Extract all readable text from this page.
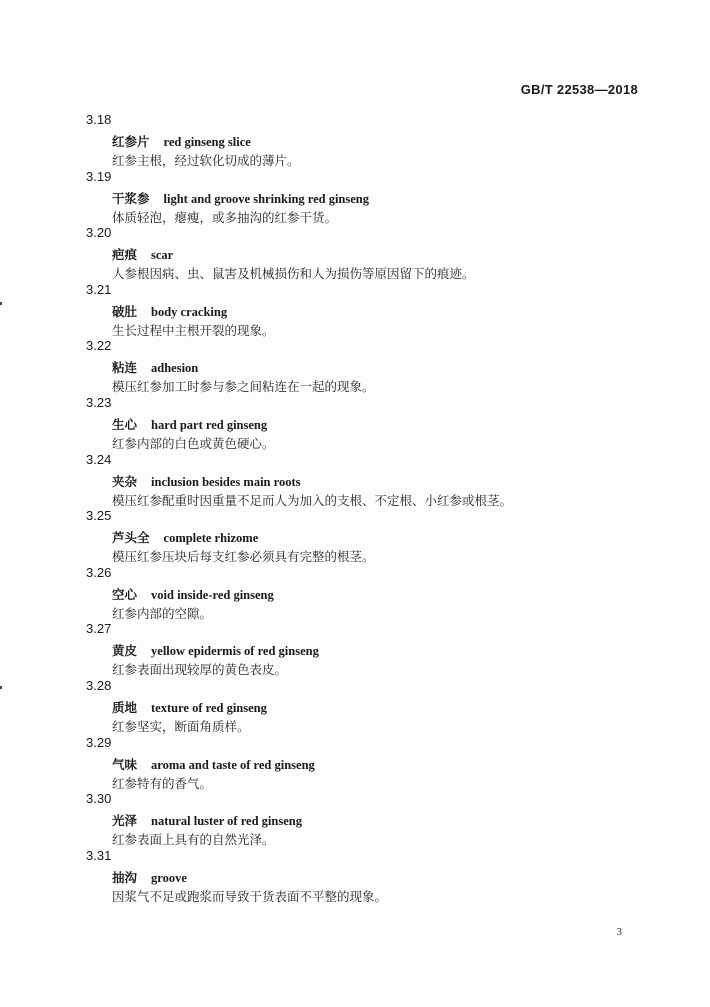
GB/T 22538—2018
3.18
红参片 red ginseng slice
红参主根，经过软化切成的薄片。
3.19
干浆参 light and groove shrinking red ginseng
体质轻泡，瘪瘦，或多抽沟的红参干货。
3.20
疤痕 scar
人参根因病、虫、鼠害及机械损伤和人为损伤等原因留下的痕迹。
3.21
破肚 body cracking
生长过程中主根开裂的现象。
3.22
粘连 adhesion
模压红参加工时参与参之间粘连在一起的现象。
3.23
生心 hard part red ginseng
红参内部的白色或黄色硬心。
3.24
夹杂 inclusion besides main roots
模压红参配重时因重量不足而人为加入的支根、不定根、小红参或根茎。
3.25
芦头全 complete rhizome
模压红参压块后每支红参必须具有完整的根茎。
3.26
空心 void inside-red ginseng
红参内部的空隙。
3.27
黄皮 yellow epidermis of red ginseng
红参表面出现较厚的黄色表皮。
3.28
质地 texture of red ginseng
红参坚实，断面角质样。
3.29
气味 aroma and taste of red ginseng
红参特有的香气。
3.30
光泽 natural luster of red ginseng
红参表面上具有的自然光泽。
3.31
抽沟 groove
因浆气不足或跑浆而导致干货表面不平整的现象。
3
